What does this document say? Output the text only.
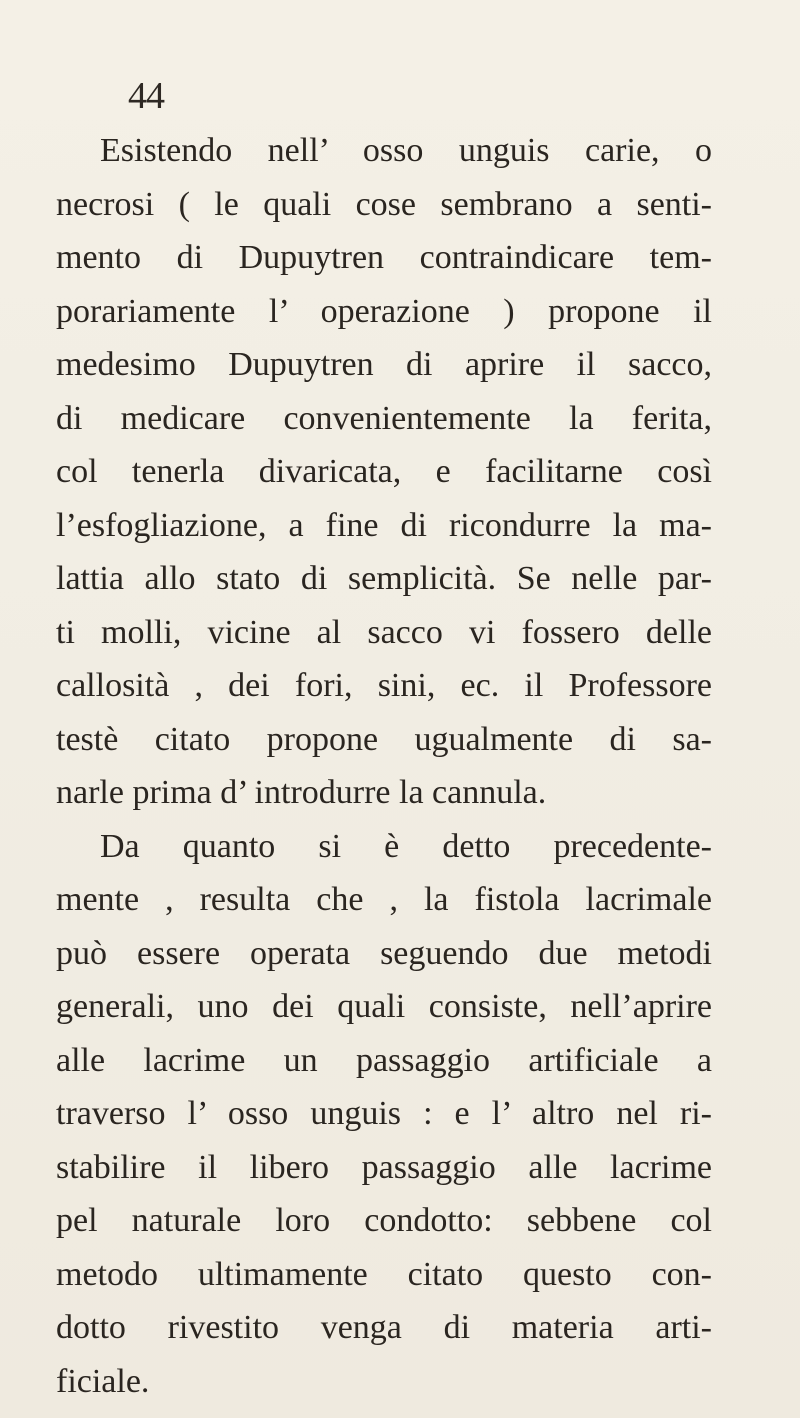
44
Esistendo nell’ osso unguis carie, o
necrosi ( le quali cose sembrano a senti-
mento di Dupuytren contraindicare tem-
porariamente l’ operazione ) propone il
medesimo Dupuytren di aprire il sacco,
di medicare convenientemente la ferita,
col tenerla divaricata, e facilitarne così
l’esfogliazione, a fine di ricondurre la ma-
lattia allo stato di semplicità. Se nelle par-
ti molli, vicine al sacco vi fossero delle
callosità , dei fori, sini, ec. il Professore
testè citato propone ugualmente di sa-
narle prima d’ introdurre la cannula.
Da quanto si è detto precedente-
mente , resulta che , la fistola lacrimale
può essere operata seguendo due metodi
generali, uno dei quali consiste, nell’aprire
alle lacrime un passaggio artificiale a
traverso l’ osso unguis : e l’ altro nel ri-
stabilire il libero passaggio alle lacrime
pel naturale loro condotto: sebbene col
metodo ultimamente citato questo con-
dotto rivestito venga di materia arti-
ficiale.
